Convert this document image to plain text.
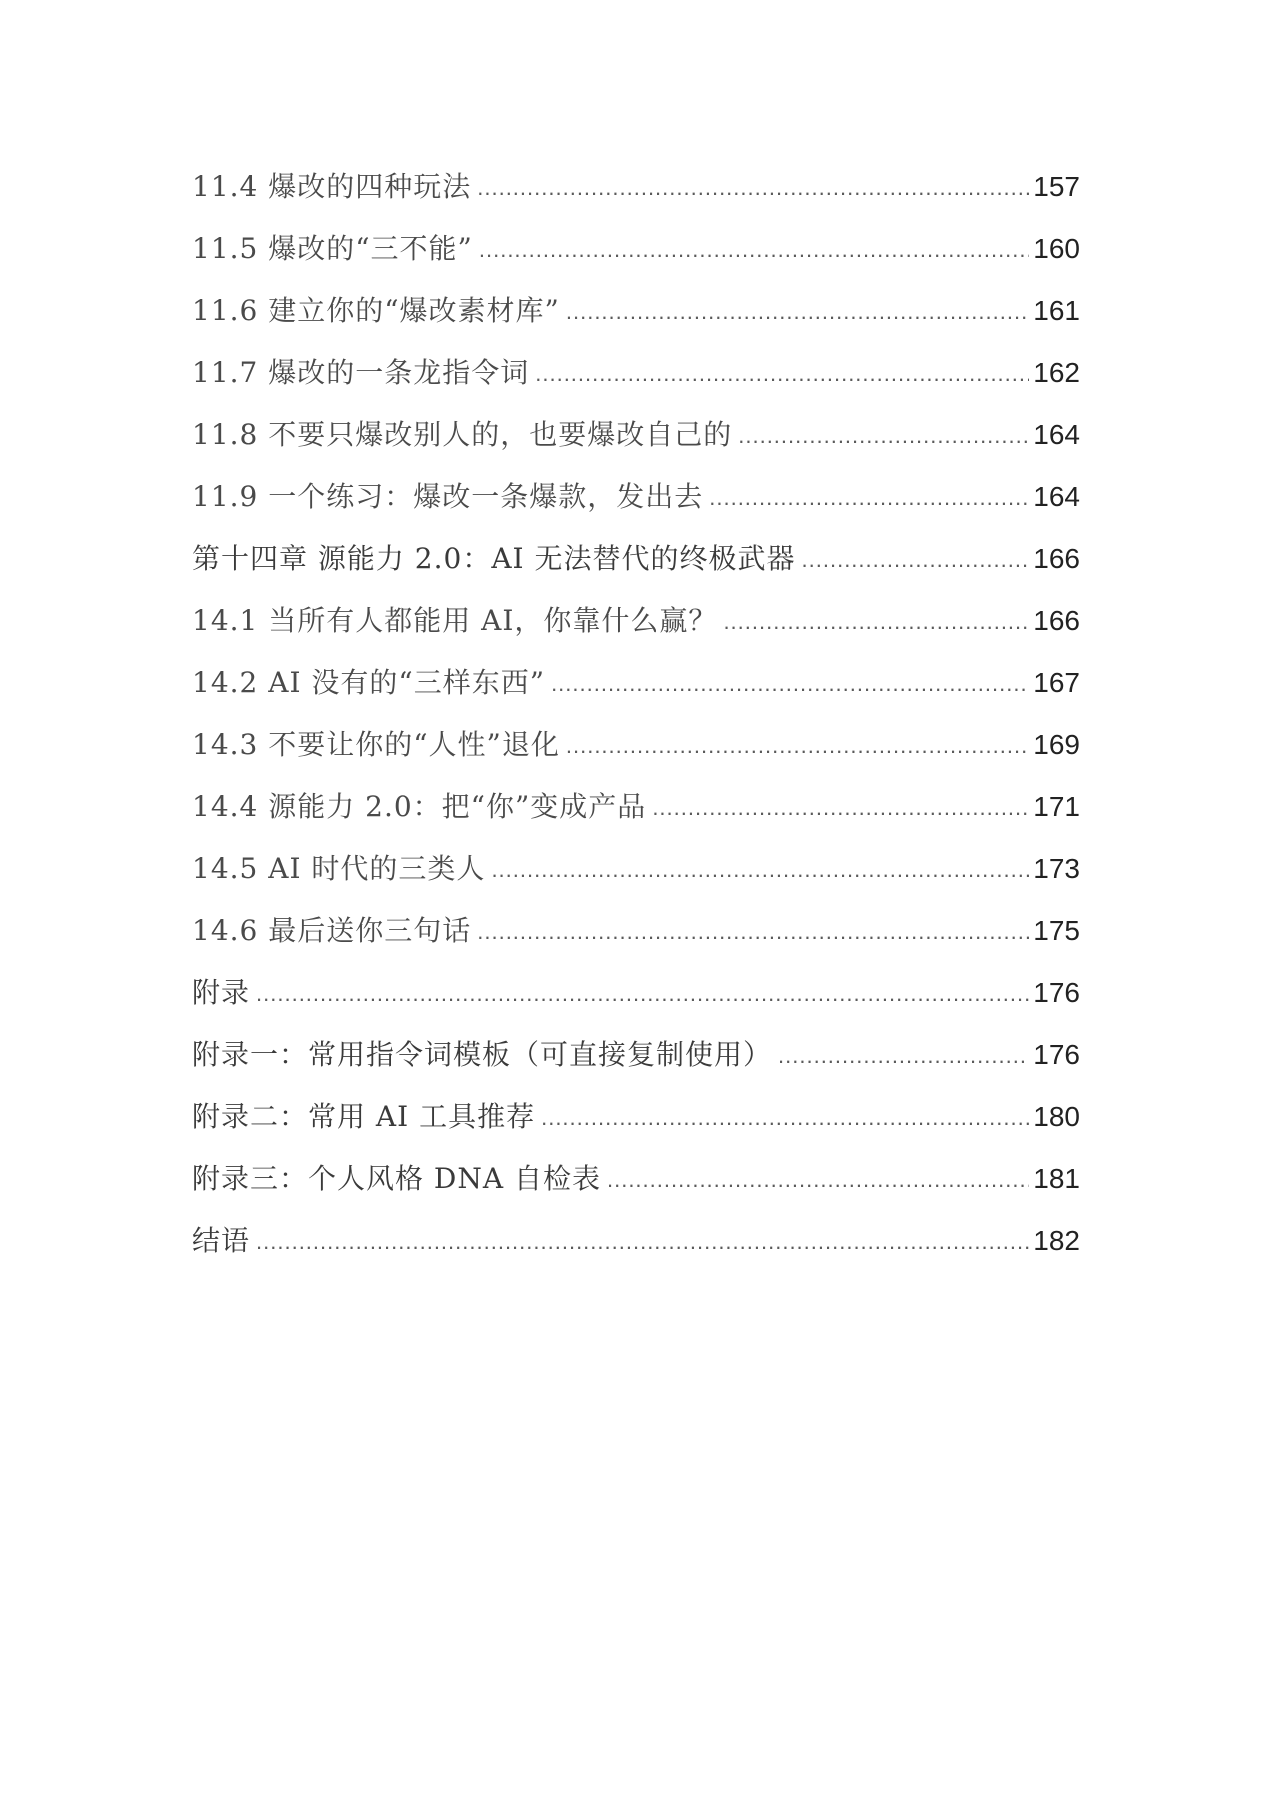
11.4 爆改的四种玩法 .....	157
11.5 爆改的“三不能” .....	160
11.6 建立你的“爆改素材库” .....	161
11.7 爆改的一条龙指令词 .....	162
11.8 不要只爆改别人的，也要爆改自己的 .....	164
11.9 一个练习：爆改一条爆款，发出去 .....	164
第十四章 源能力 2.0：AI 无法替代的终极武器 .....	166
14.1 当所有人都能用 AI，你靠什么赢？ .....	166
14.2 AI 没有的“三样东西” .....	167
14.3 不要让你的“人性”退化 .....	169
14.4 源能力 2.0：把“你”变成产品 .....	171
14.5 AI 时代的三类人 .....	173
14.6 最后送你三句话 .....	175
附录 .....	176
附录一：常用指令词模板（可直接复制使用） .....	176
附录二：常用 AI 工具推荐 .....	180
附录三：个人风格 DNA 自检表 .....	181
结语 .....	182
